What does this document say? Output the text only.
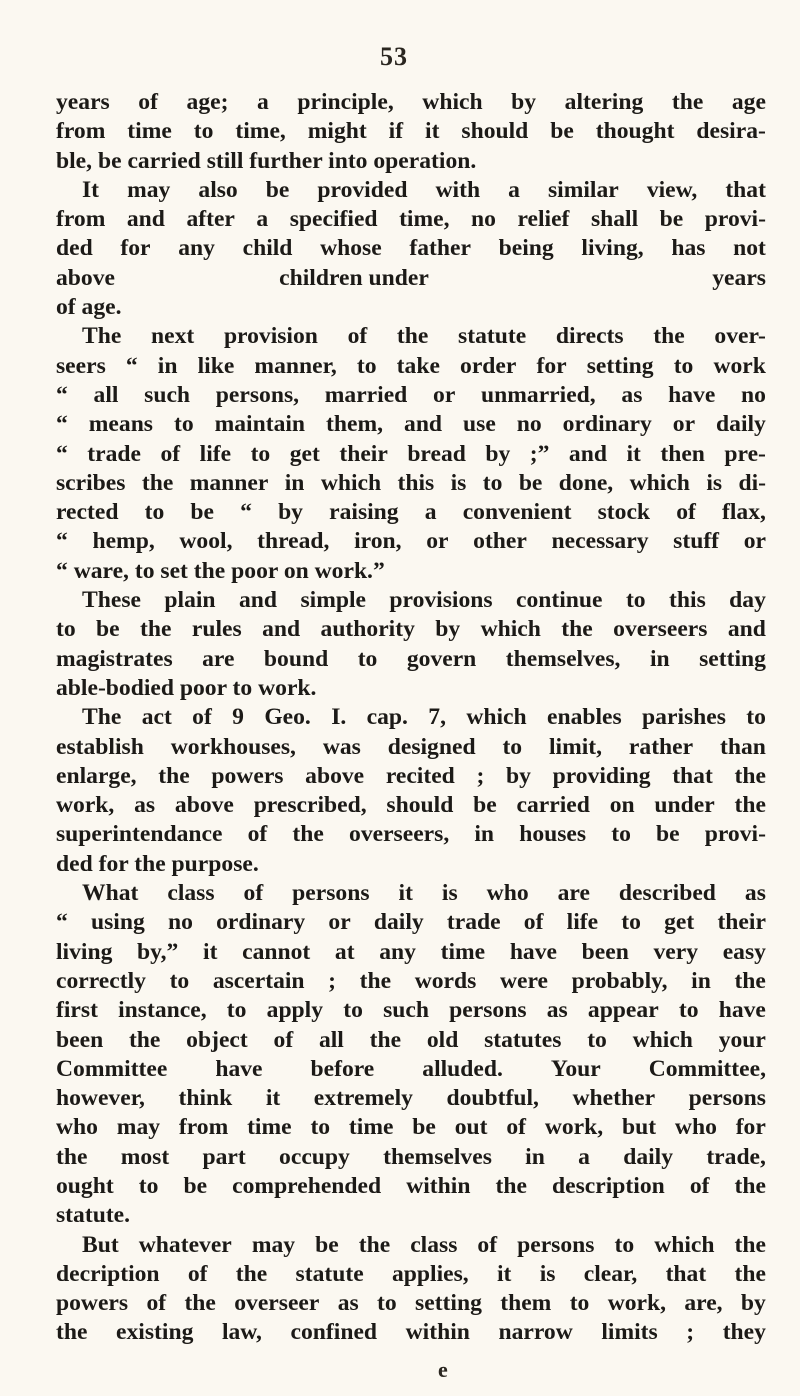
53
years of age; a principle, which by altering the age
from time to time, might if it should be thought desira-
ble, be carried still further into operation.
It may also be provided with a similar view, that
from and after a specified time, no relief shall be provi-
ded for any child whose father being living, has not
above	children under	years
of age.
The next provision of the statute directs the over-
seers “ in like manner, to take order for setting to work
“ all such persons, married or unmarried, as have no
“ means to maintain them, and use no ordinary or daily
“ trade of life to get their bread by ;” and it then pre-
scribes the manner in which this is to be done, which is di-
rected to be “ by raising a convenient stock of flax,
“ hemp, wool, thread, iron, or other necessary stuff or
“ ware, to set the poor on work.”
These plain and simple provisions continue to this day
to be the rules and authority by which the overseers and
magistrates are bound to govern themselves, in setting
able-bodied poor to work.
The act of 9 Geo. I. cap. 7, which enables parishes to
establish workhouses, was designed to limit, rather than
enlarge, the powers above recited ; by providing that the
work, as above prescribed, should be carried on under the
superintendance of the overseers, in houses to be provi-
ded for the purpose.
What class of persons it is who are described as
“ using no ordinary or daily trade of life to get their
living by,” it cannot at any time have been very easy
correctly to ascertain ; the words were probably, in the
first instance, to apply to such persons as appear to have
been the object of all the old statutes to which your
Committee have before alluded. Your Committee,
however, think it extremely doubtful, whether persons
who may from time to time be out of work, but who for
the most part occupy themselves in a daily trade,
ought to be comprehended within the description of the
statute.
But whatever may be the class of persons to which the
decription of the statute applies, it is clear, that the
powers of the overseer as to setting them to work, are, by
the existing law, confined within narrow limits ; they
e
